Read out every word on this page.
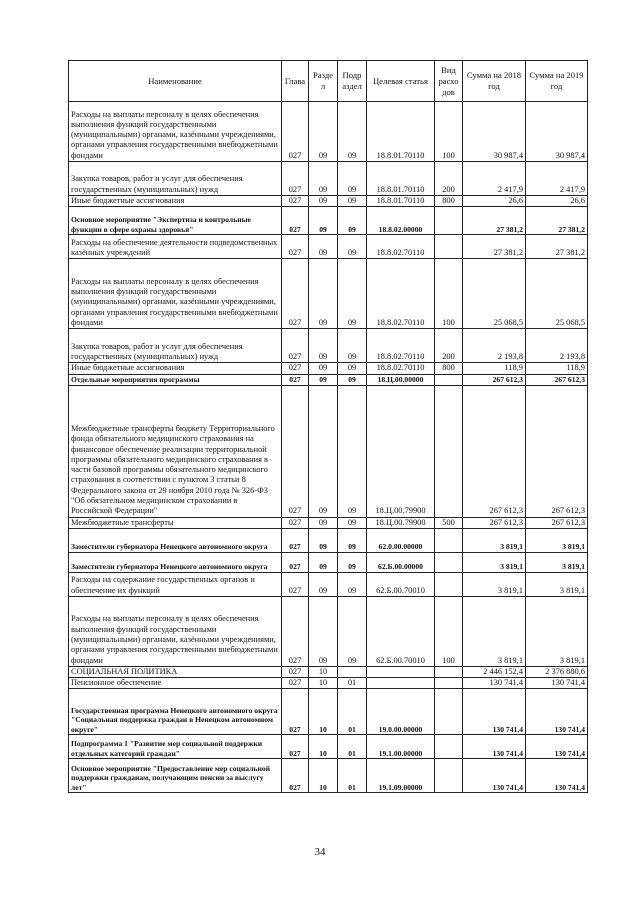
Наименование	Глава	Разде л	Подр аздел	Целевая статья	Вид расхо дов	Сумма на 2018 год	Сумма на 2019 год
Расходы на выплаты персоналу в целях обеспечения выполнения функций государственными (муниципальными) органами, казёнными учреждениями, органами управления государственными внебюджетными фондами	027	09	09	18.8.01.70110	100	30 987,4	30 987,4
Закупка товаров, работ и услуг для обеспечения государственных (муниципальных) нужд	027	09	09	18.8.01.70110	200	2 417,9	2 417,9
Иные бюджетные ассигнования	027	09	09	18.8.01.70110	800	26,6	26,6
Основное мероприятие "Экспертиза и контрольные функции в сфере охраны здоровья"	027	09	09	18.8.02.00000		27 381,2	27 381,2
Расходы на обеспечение деятельности подведомственных казённых учреждений	027	09	09	18.8.02.70110		27 381,2	27 381,2
Расходы на выплаты персоналу в целях обеспечения выполнения функций государственными (муниципальными) органами, казёнными учреждениями, органами управления государственными внебюджетными фондами	027	09	09	18.8.02.70110	100	25 068,5	25 068,5
Закупка товаров, работ и услуг для обеспечения государственных (муниципальных) нужд	027	09	09	18.8.02.70110	200	2 193,8	2 193,8
Иные бюджетные ассигнования	027	09	09	18.8.02.70110	800	118,9	118,9
Отдельные мероприятия программы	027	09	09	18.Ц.00.00000		267 612,3	267 612,3
Межбюджетные трансферты бюджету Территориального фонда обязательного медицинского страхования на финансовое обеспечение реализации территориальной программы обязательного медицинского страхования в части базовой программы обязательного медицинского страхования в соответствии с пунктом 3 статьи 8 Федерального закона от 29 ноября 2010 года № 326-ФЗ "Об обязательном медицинском страховании в Российской Федерации"	027	09	09	18.Ц.00.79900		267 612,3	267 612,3
Межбюджетные трансферты	027	09	09	18.Ц.00.79900	500	267 612,3	267 612,3
Заместители губернатора Ненецкого автономного округа	027	09	09	62.0.00.00000		3 819,1	3 819,1
Заместители губернатора Ненецкого автономного округа	027	09	09	62.Б.00.00000		3 819,1	3 819,1
Расходы на содержание государственных органов и обеспечение их функций	027	09	09	62.Б.00.70010		3 819,1	3 819,1
Расходы на выплаты персоналу в целях обеспечения выполнения функций государственными (муниципальными) органами, казёнными учреждениями, органами управления государственными внебюджетными фондами	027	09	09	62.Б.00.70010	100	3 819,1	3 819,1
СОЦИАЛЬНАЯ ПОЛИТИКА	027	10				2 446 152,4	2 376 880,6
Пенсионное обеспечение	027	10	01			130 741,4	130 741,4
Государственная программа Ненецкого автономного округа "Социальная поддержка граждан в Ненецком автономном округе"	027	10	01	19.0.00.00000		130 741,4	130 741,4
Подпрограмма 1 "Развитие мер социальной поддержки отдельных категорий граждан"	027	10	01	19.1.00.00000		130 741,4	130 741,4
Основное мероприятие "Предоставление мер социальной поддержки гражданам, получающим пенсии за выслугу лет"	027	10	01	19.1.09.00000		130 741,4	130 741,4
34
